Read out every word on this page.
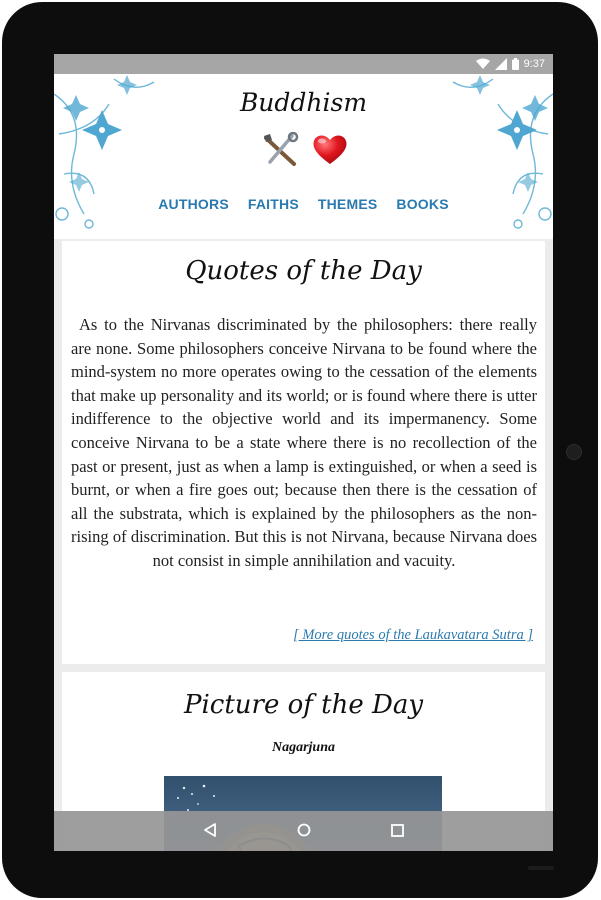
9:37
Buddhism
AUTHORS FAITHS THEMES BOOKS
Quotes of the Day
As to the Nirvanas discriminated by the philosophers: there really are none. Some philosophers conceive Nirvana to be found where the mind-system no more operates owing to the cessation of the elements that make up personality and its world; or is found where there is utter indifference to the objective world and its impermanency. Some conceive Nirvana to be a state where there is no recollection of the past or present, just as when a lamp is extinguished, or when a seed is burnt, or when a fire goes out; because then there is the cessation of all the substrata, which is explained by the philosophers as the non-rising of discrimination. But this is not Nirvana, because Nirvana does not consist in simple annihilation and vacuity.
[ More quotes of the Laukavatara Sutra ]
Picture of the Day
Nagarjuna
